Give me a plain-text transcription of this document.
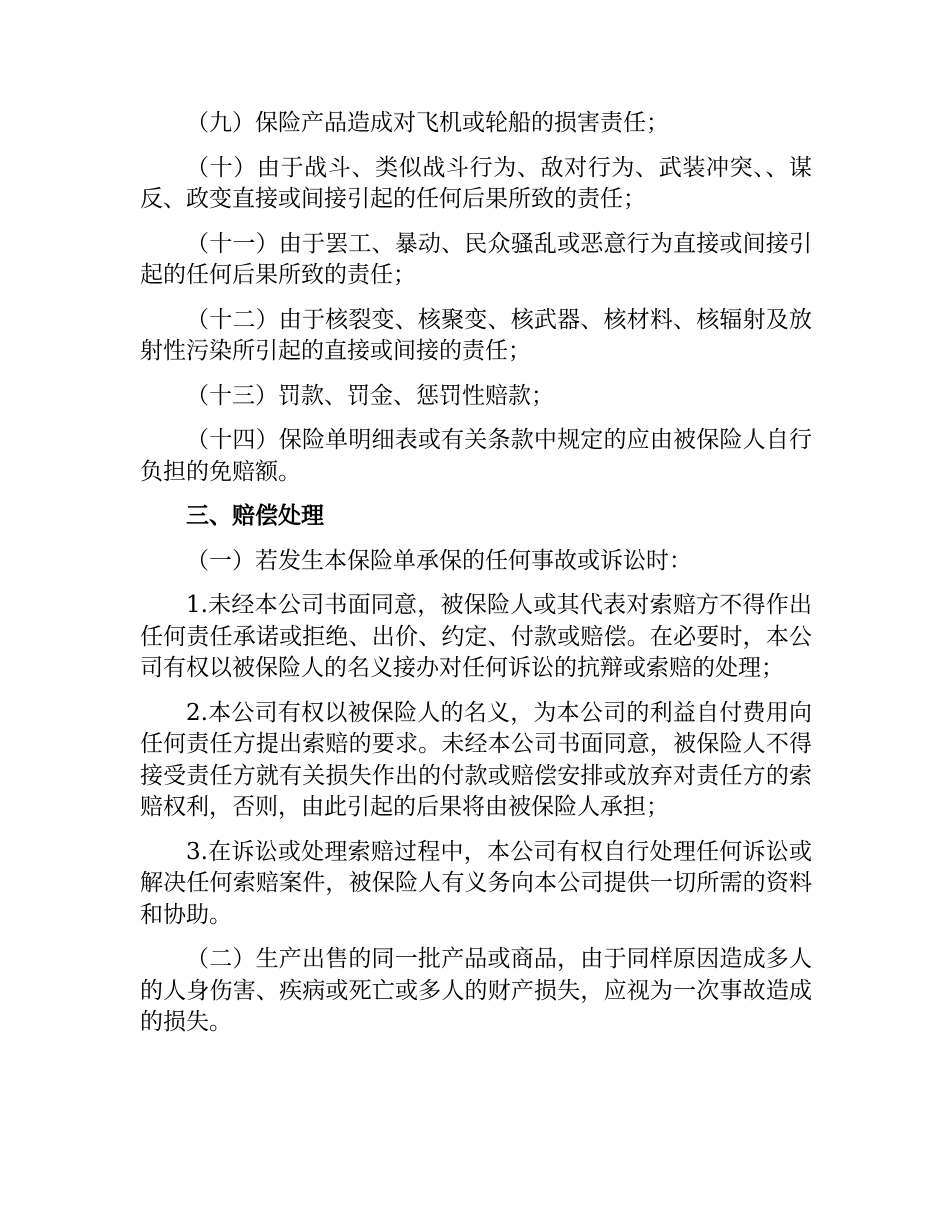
（九）保险产品造成对飞机或轮船的损害责任；

（十）由于战斗、类似战斗行为、敌对行为、武装冲突、、谋反、政变直接或间接引起的任何后果所致的责任；

（十一）由于罢工、暴动、民众骚乱或恶意行为直接或间接引起的任何后果所致的责任；

（十二）由于核裂变、核聚变、核武器、核材料、核辐射及放射性污染所引起的直接或间接的责任；

（十三）罚款、罚金、惩罚性赔款；

（十四）保险单明细表或有关条款中规定的应由被保险人自行负担的免赔额。

三、赔偿处理

（一）若发生本保险单承保的任何事故或诉讼时：

1.未经本公司书面同意，被保险人或其代表对索赔方不得作出任何责任承诺或拒绝、出价、约定、付款或赔偿。在必要时，本公司有权以被保险人的名义接办对任何诉讼的抗辩或索赔的处理；

2.本公司有权以被保险人的名义，为本公司的利益自付费用向任何责任方提出索赔的要求。未经本公司书面同意，被保险人不得接受责任方就有关损失作出的付款或赔偿安排或放弃对责任方的索赔权利，否则，由此引起的后果将由被保险人承担；

3.在诉讼或处理索赔过程中，本公司有权自行处理任何诉讼或解决任何索赔案件，被保险人有义务向本公司提供一切所需的资料和协助。

（二）生产出售的同一批产品或商品，由于同样原因造成多人的人身伤害、疾病或死亡或多人的财产损失，应视为一次事故造成的损失。
